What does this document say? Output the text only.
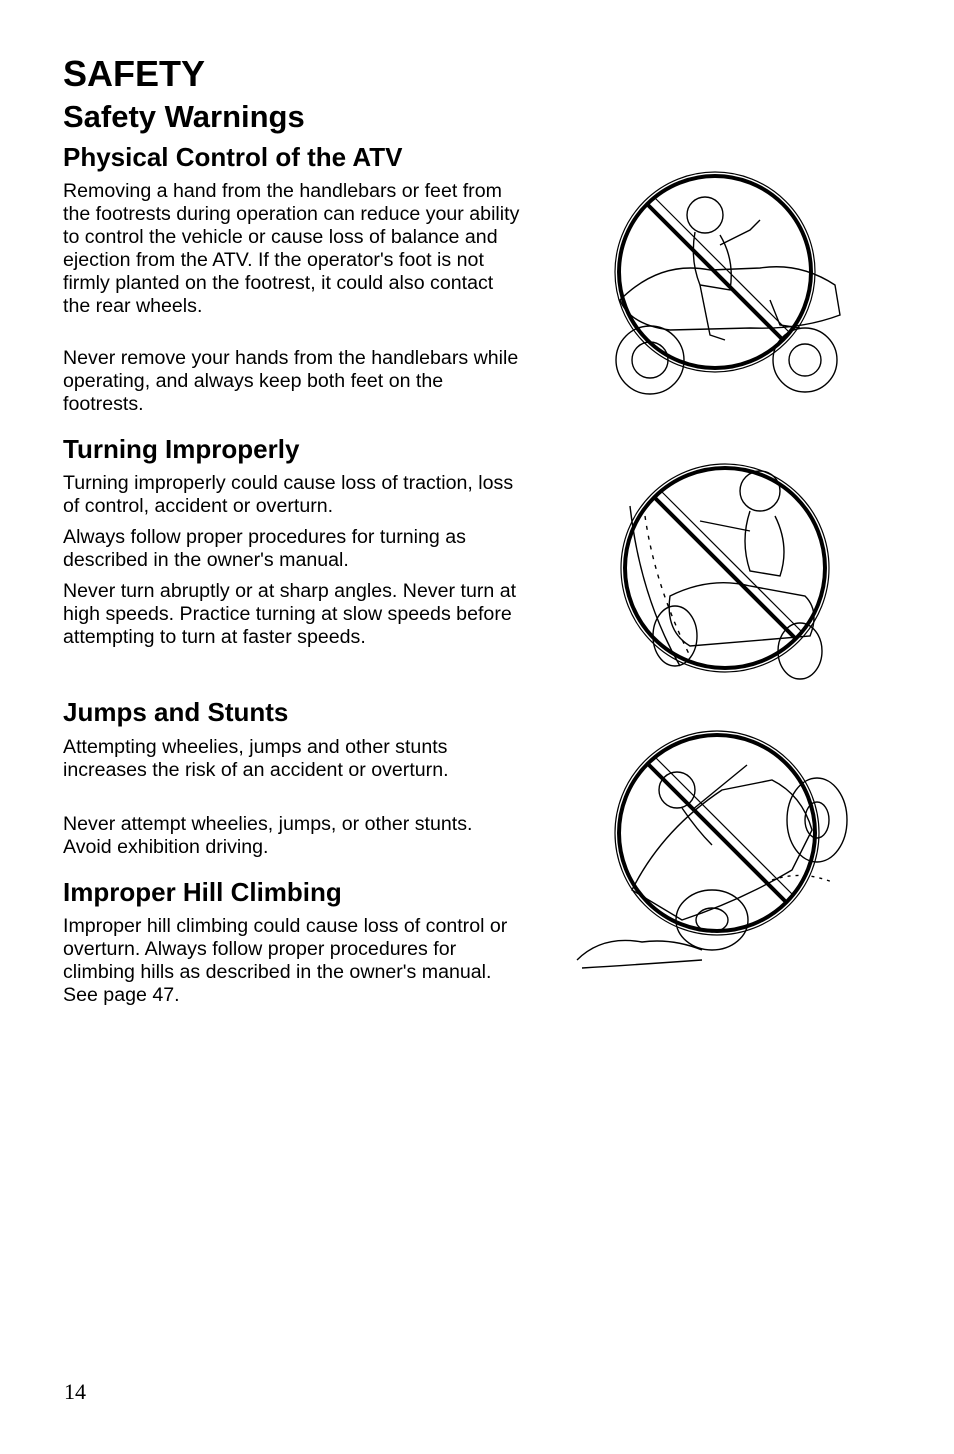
SAFETY
Safety Warnings
Physical Control of the ATV

Removing a hand from the handlebars or feet from the footrests during operation can reduce your ability to control the vehicle or cause loss of balance and ejection from the ATV. If the operator's foot is not firmly planted on the footrest, it could also contact the rear wheels.

Never remove your hands from the handlebars while operating, and always keep both feet on the footrests.

Turning Improperly

Turning improperly could cause loss of traction, loss of control, accident or overturn.

Always follow proper procedures for turning as described in the owner's manual.

Never turn abruptly or at sharp angles. Never turn at high speeds. Practice turning at slow speeds before attempting to turn at faster speeds.

Jumps and Stunts

Attempting wheelies, jumps and other stunts increases the risk of an accident or overturn.

Never attempt wheelies, jumps, or other stunts. Avoid exhibition driving.

Improper Hill Climbing

Improper hill climbing could cause loss of control or overturn. Always follow proper procedures for climbing hills as described in the owner's manual. See page 47.

14
